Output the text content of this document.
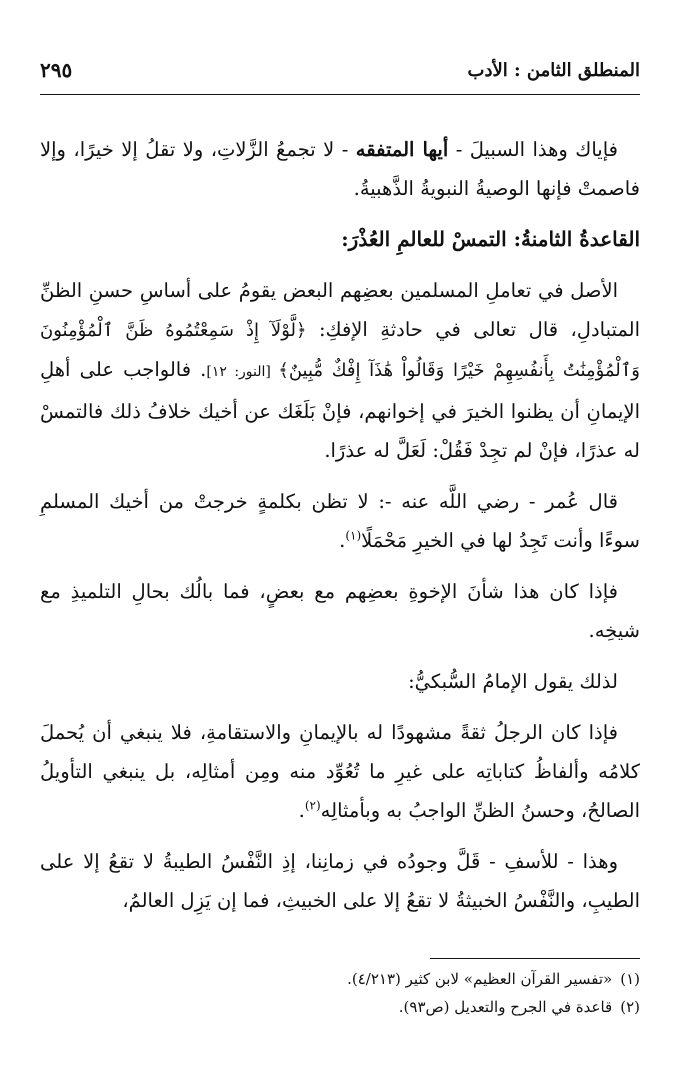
المنطلق الثامن : الأدب
٢٩٥

فإياك وهذا السبيلَ - أيها المتفقه - لا تجمعُ الزَّلاتِ، ولا تقلُ إلا خيرًا، وإلا فاصمتْ فإنها الوصيةُ النبويةُ الذَّهبيةُ.

القاعدةُ الثامنةُ: التمسْ للعالمِ العُذْرَ:

الأصل في تعاملِ المسلمين بعضِهم البعض يقومُ على أساسِ حسنِ الظنِّ المتبادلِ، قال تعالى في حادثةِ الإفكِ: ﴿لَّوْلَآ إِذْ سَمِعْتُمُوهُ ظَنَّ ٱلْمُؤْمِنُونَ وَٱلْمُؤْمِنَٰتُ بِأَنفُسِهِمْ خَيْرًا وَقَالُواْ هَٰذَآ إِفْكٌ مُّبِينٌ﴾ [النور: ١٢]. فالواجب على أهلِ الإيمانِ أن يظنوا الخيرَ في إخوانهم، فإنْ بَلَغَك عن أخيك خلافُ ذلك فالتمسْ له عذرًا، فإنْ لم تجِدْ فَقُلْ: لَعَلَّ له عذرًا.

قال عُمر - رضي اللَّه عنه -: لا تظن بكلمةٍ خرجتْ من أخيك المسلمِ سوءًا وأنت تَجِدُ لها في الخيرِ مَحْمَلًا$^{(١)}$.

فإذا كان هذا شأنَ الإخوةِ بعضِهم مع بعضٍ، فما بالُك بحالِ التلميذِ مع شيخِه.

لذلك يقول الإمامُ السُّبكيُّ:

فإذا كان الرجلُ ثقةً مشهودًا له بالإيمانِ والاستقامةِ، فلا ينبغي أن يُحملَ كلامُه وألفاظُ كتاباتِه على غيرِ ما تُعُوِّد منه ومِن أمثالِه، بل ينبغي التأويلُ الصالحُ، وحسنُ الظنِّ الواجبُ به وبأمثالِه$^{(٢)}$.

وهذا - للأسفِ - قَلَّ وجودُه في زمانِنا، إذِ النَّفْسُ الطيبةُ لا تقعُ إلا على الطيبِ، والنَّفْسُ الخبيثةُ لا تقعُ إلا على الخبيثِ، فما إن يَزِل العالمُ،

(١)«تفسير القرآن العظيم» لابن كثير (٤/٢١٣).

(٢)قاعدة في الجرح والتعديل (ص٩٣).
